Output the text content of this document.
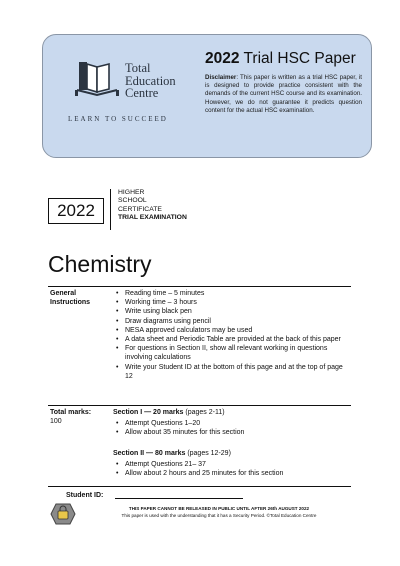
Total
Education
Centre
LEARN TO SUCCEED
2022 Trial HSC Paper
Disclaimer: This paper is written as a trial HSC paper, it is designed to provide practice consistent with the demands of the current HSC course and its examination. However, we do not guarantee it predicts question content for the actual HSC examination.
2022
HIGHER
SCHOOL
CERTIFICATE
TRIAL EXAMINATION
Chemistry
General
Instructions
• Reading time – 5 minutes
• Working time – 3 hours
• Write using black pen
• Draw diagrams using pencil
• NESA approved calculators may be used
• A data sheet and Periodic Table are provided at the back of this paper
• For questions in Section II, show all relevant working in questions involving calculations
• Write your Student ID at the bottom of this page and at the top of page 12
Total marks:
100
Section I — 20 marks (pages 2-11)
• Attempt Questions 1–20
• Allow about 35 minutes for this section
Section II — 80 marks (pages 12-29)
• Attempt Questions 21– 37
• Allow about 2 hours and 25 minutes for this section
Student ID:
THIS PAPER CANNOT BE RELEASED IN PUBLIC UNTIL AFTER 26th AUGUST 2022
This paper is used with the understanding that it has a Security Period. ©Total Education Centre
